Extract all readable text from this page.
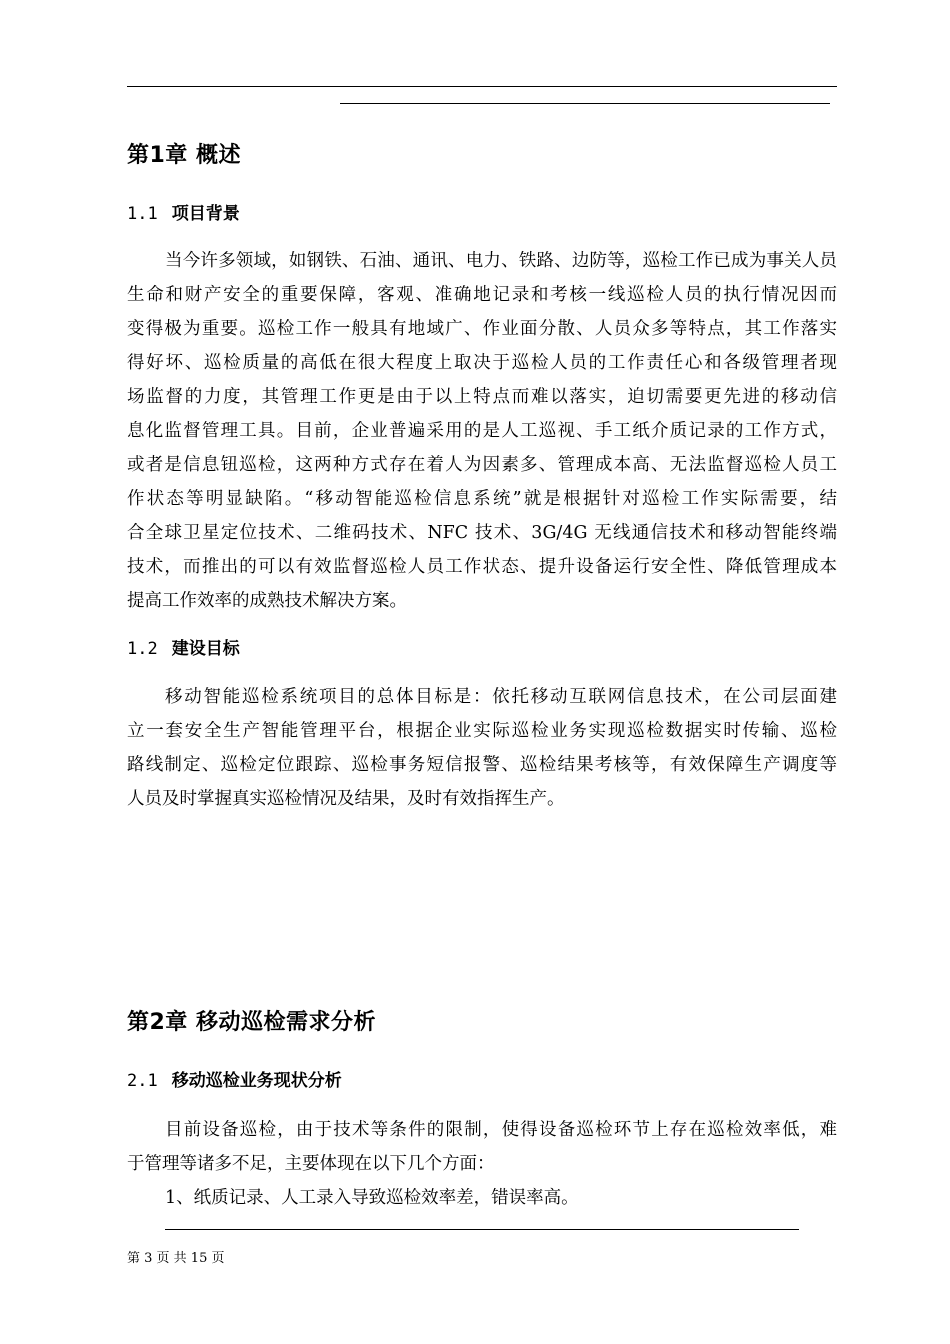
第1章 概述
1.1 项目背景
当今许多领域，如钢铁、石油、通讯、电力、铁路、边防等，巡检工作已成为事关人员
生命和财产安全的重要保障，客观、准确地记录和考核一线巡检人员的执行情况因而
变得极为重要。巡检工作一般具有地域广、作业面分散、人员众多等特点，其工作落实
得好坏、巡检质量的高低在很大程度上取决于巡检人员的工作责任心和各级管理者现
场监督的力度，其管理工作更是由于以上特点而难以落实，迫切需要更先进的移动信
息化监督管理工具。目前，企业普遍采用的是人工巡视、手工纸介质记录的工作方式，
或者是信息钮巡检，这两种方式存在着人为因素多、管理成本高、无法监督巡检人员工
作状态等明显缺陷。“移动智能巡检信息系统”就是根据针对巡检工作实际需要，结
合全球卫星定位技术、二维码技术、NFC 技术、3G/4G 无线通信技术和移动智能终端
技术，而推出的可以有效监督巡检人员工作状态、提升设备运行安全性、降低管理成本
提高工作效率的成熟技术解决方案。
1.2 建设目标
移动智能巡检系统项目的总体目标是：依托移动互联网信息技术，在公司层面建
立一套安全生产智能管理平台，根据企业实际巡检业务实现巡检数据实时传输、巡检
路线制定、巡检定位跟踪、巡检事务短信报警、巡检结果考核等，有效保障生产调度等
人员及时掌握真实巡检情况及结果，及时有效指挥生产。
第2章 移动巡检需求分析
2.1 移动巡检业务现状分析
目前设备巡检，由于技术等条件的限制，使得设备巡检环节上存在巡检效率低，难
于管理等诸多不足，主要体现在以下几个方面：
1、纸质记录、人工录入导致巡检效率差，错误率高。
第 3 页 共 15 页
